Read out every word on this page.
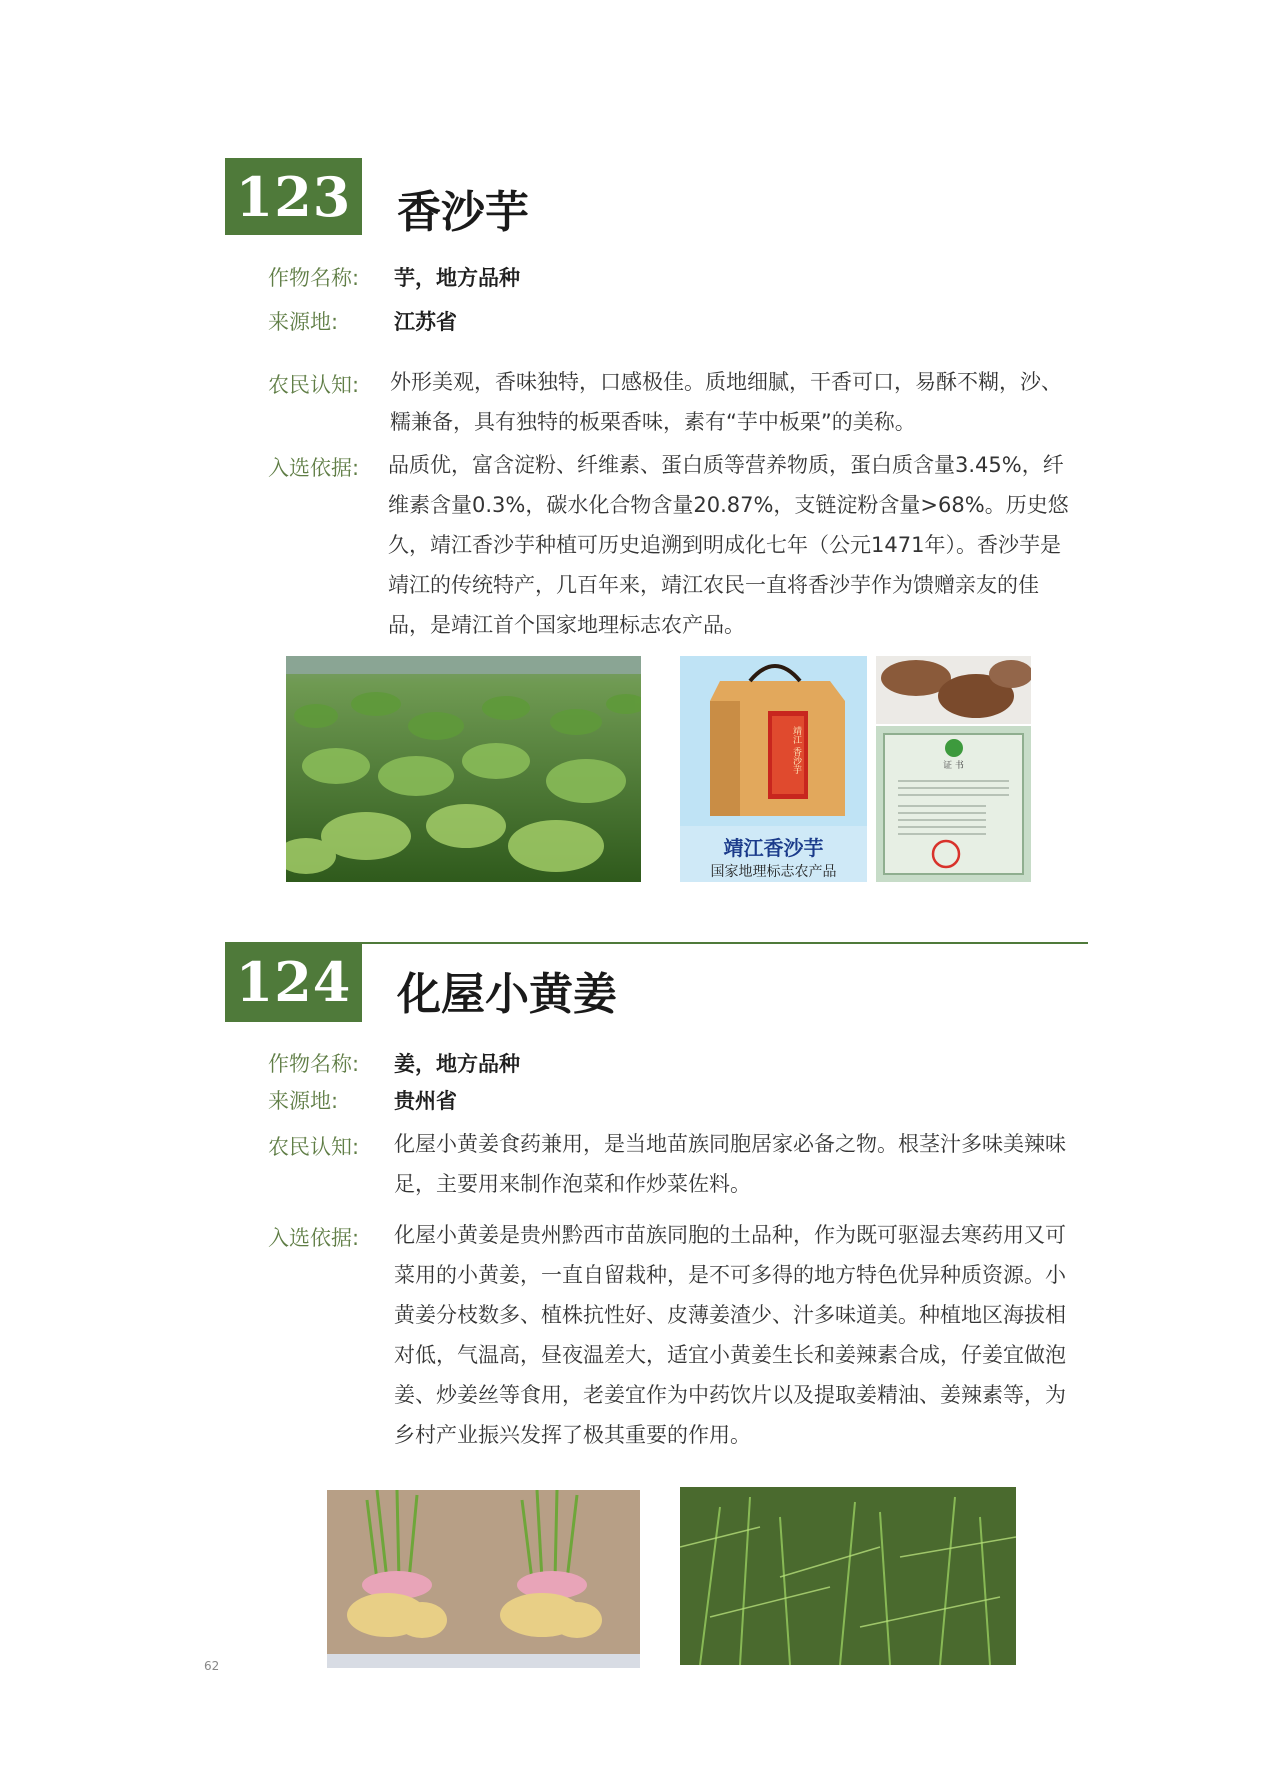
123 香沙芋
作物名称: 芋，地方品种
来源地:	江苏省
农民认知: 外形美观，香味独特，口感极佳。质地细腻，干香可口，易酥不糊，沙、糯兼备，具有独特的板栗香味，素有“芋中板栗”的美称。

入选依据: 品质优，富含淀粉、纤维素、蛋白质等营养物质，蛋白质含量3.45%，纤维素含量0.3%，碳水化合物含量20.87%，支链淀粉含量>68%。历史悠久，靖江香沙芋种植可历史追溯到明成化七年（公元1471年）。香沙芋是靖江的传统特产，几百年来，靖江农民一直将香沙芋作为馈赠亲友的佳品，是靖江首个国家地理标志农产品。

靖江 香沙芋
靖江香沙芋
国家地理标志农产品
证 书
124 化屋小黄姜
作物名称: 姜，地方品种
来源地:	贵州省
农民认知: 化屋小黄姜食药兼用，是当地苗族同胞居家必备之物。根茎汁多味美辣味足，主要用来制作泡菜和作炒菜佐料。

入选依据: 化屋小黄姜是贵州黔西市苗族同胞的土品种，作为既可驱湿去寒药用又可菜用的小黄姜，一直自留栽种，是不可多得的地方特色优异种质资源。小黄姜分枝数多、植株抗性好、皮薄姜渣少、汁多味道美。种植地区海拔相对低，气温高，昼夜温差大，适宜小黄姜生长和姜辣素合成，仔姜宜做泡姜、炒姜丝等食用，老姜宜作为中药饮片以及提取姜精油、姜辣素等，为乡村产业振兴发挥了极其重要的作用。

62
